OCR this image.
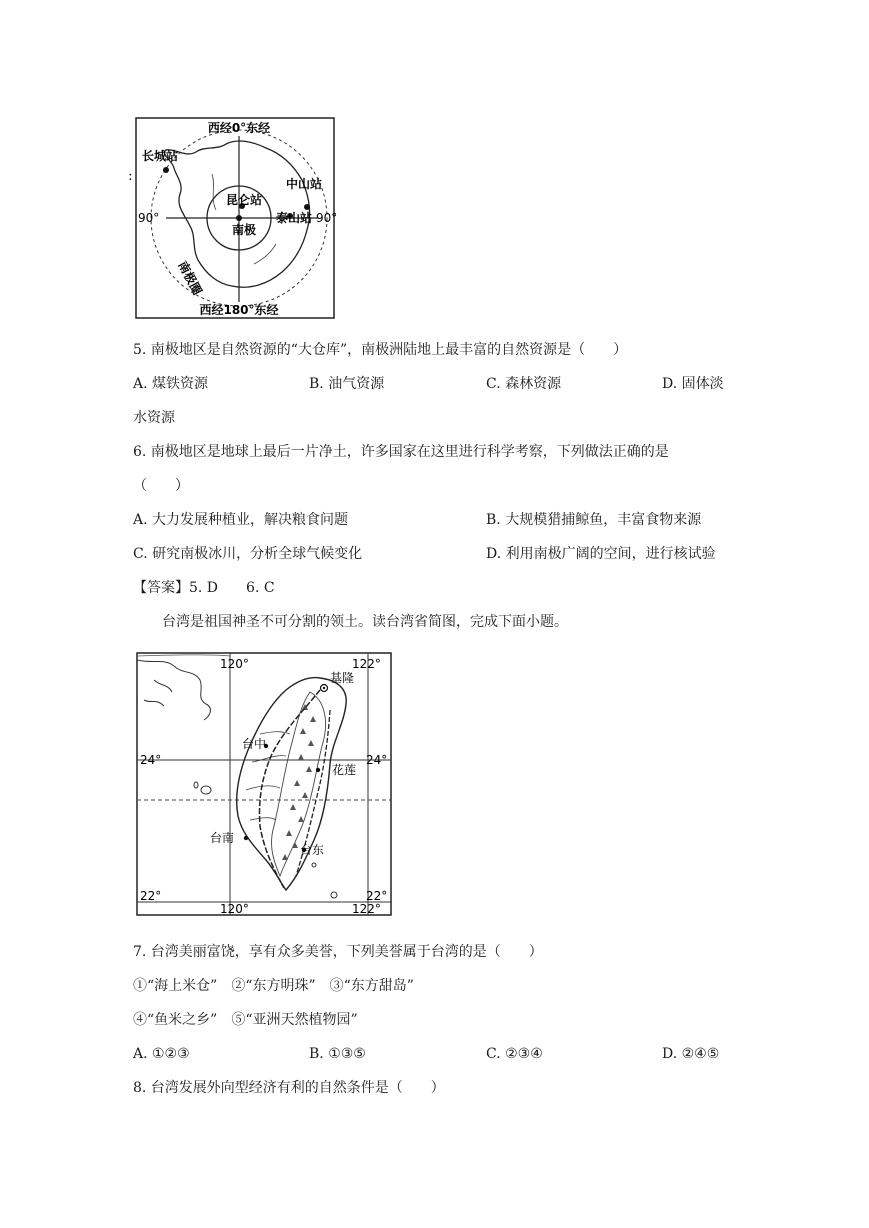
西经0°东经
西经180°东经
长城站
中山站
昆仑站
泰山站
南极
90°	90°
南极圈
:
5. 南极地区是自然资源的“大仓库”，南极洲陆地上最丰富的自然资源是（　　）
A. 煤铁资源	B. 油气资源	C. 森林资源	D. 固体淡
水资源
6. 南极地区是地球上最后一片净土，许多国家在这里进行科学考察，下列做法正确的是
（　　）
A. 大力发展种植业，解决粮食问题	B. 大规模猎捕鲸鱼，丰富食物来源
C. 研究南极冰川，分析全球气候变化	D. 利用南极广阔的空间，进行核试验
【答案】5. D　　6. C
台湾是祖国神圣不可分割的领土。读台湾省简图，完成下面小题。
120°	122°
120°	122°
24°	24°
22°	22°
基隆
台中
花莲
台南
台东
7. 台湾美丽富饶，享有众多美誉，下列美誉属于台湾的是（　　）
①“海上米仓”　②“东方明珠”　③“东方甜岛”
④“鱼米之乡”　⑤“亚洲天然植物园”
A. ①②③	B. ①③⑤	C. ②③④	D. ②④⑤
8. 台湾发展外向型经济有利的自然条件是（　　）
